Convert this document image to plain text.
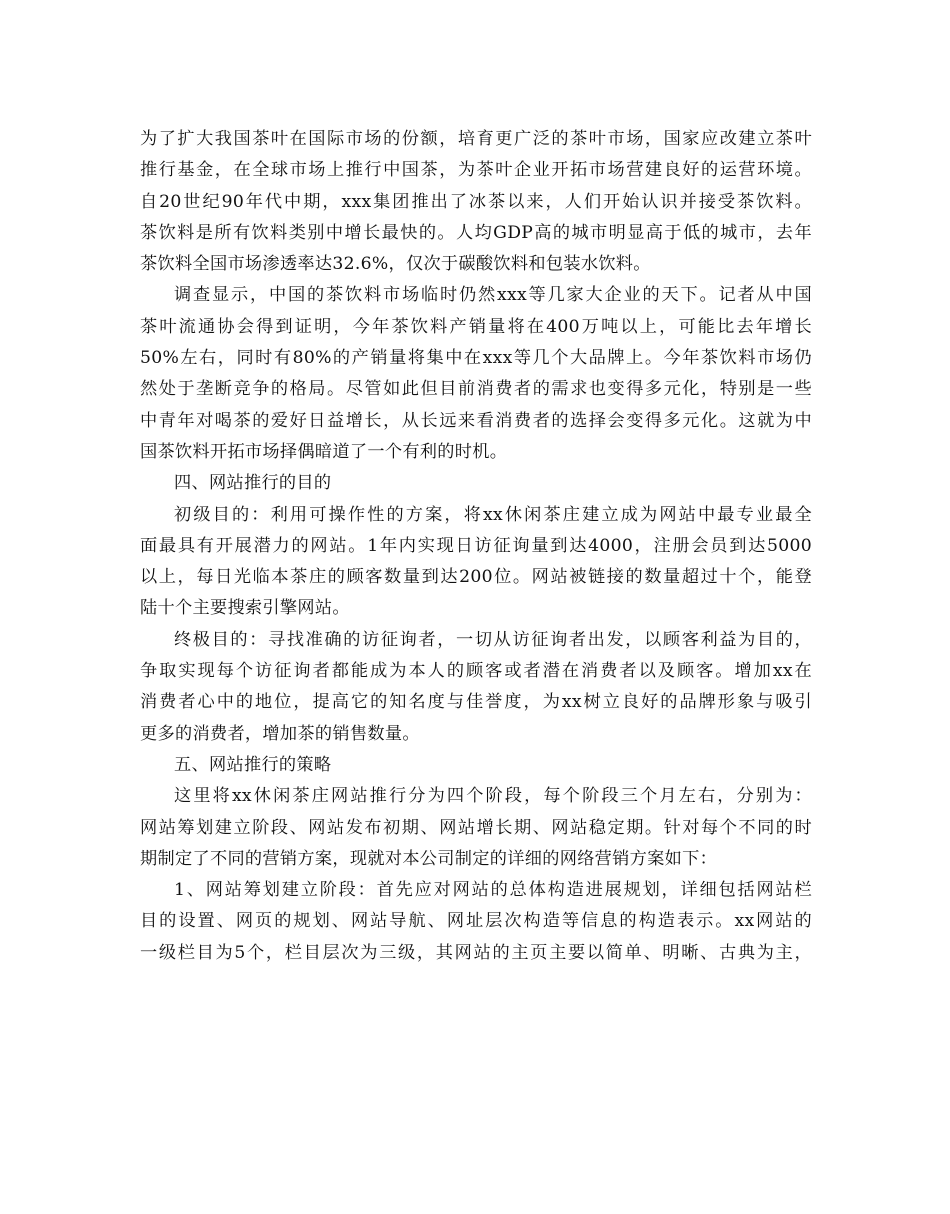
为了扩大我国茶叶在国际市场的份额，培育更广泛的茶叶市场，国家应改建立茶叶
推行基金，在全球市场上推行中国茶，为茶叶企业开拓市场营建良好的运营环境。
自20世纪90年代中期，xxx集团推出了冰茶以来，人们开始认识并接受茶饮料。
茶饮料是所有饮料类别中增长最快的。人均GDP高的城市明显高于低的城市，去年
茶饮料全国市场渗透率达32.6%，仅次于碳酸饮料和包装水饮料。
调查显示，中国的茶饮料市场临时仍然xxx等几家大企业的天下。记者从中国
茶叶流通协会得到证明，今年茶饮料产销量将在400万吨以上，可能比去年增长
50%左右，同时有80%的产销量将集中在xxx等几个大品牌上。今年茶饮料市场仍
然处于垄断竞争的格局。尽管如此但目前消费者的需求也变得多元化，特别是一些
中青年对喝茶的爱好日益增长，从长远来看消费者的选择会变得多元化。这就为中
国茶饮料开拓市场择偶暗道了一个有利的时机。
四、网站推行的目的
初级目的：利用可操作性的方案，将xx休闲茶庄建立成为网站中最专业最全
面最具有开展潜力的网站。1年内实现日访征询量到达4000，注册会员到达5000
以上，每日光临本茶庄的顾客数量到达200位。网站被链接的数量超过十个，能登
陆十个主要搜索引擎网站。
终极目的：寻找准确的访征询者，一切从访征询者出发，以顾客利益为目的，
争取实现每个访征询者都能成为本人的顾客或者潜在消费者以及顾客。增加xx在
消费者心中的地位，提高它的知名度与佳誉度，为xx树立良好的品牌形象与吸引
更多的消费者，增加茶的销售数量。
五、网站推行的策略
这里将xx休闲茶庄网站推行分为四个阶段，每个阶段三个月左右，分别为：
网站筹划建立阶段、网站发布初期、网站增长期、网站稳定期。针对每个不同的时
期制定了不同的营销方案，现就对本公司制定的详细的网络营销方案如下：
1、网站筹划建立阶段：首先应对网站的总体构造进展规划，详细包括网站栏
目的设置、网页的规划、网站导航、网址层次构造等信息的构造表示。xx网站的
一级栏目为5个，栏目层次为三级，其网站的主页主要以简单、明晰、古典为主，
